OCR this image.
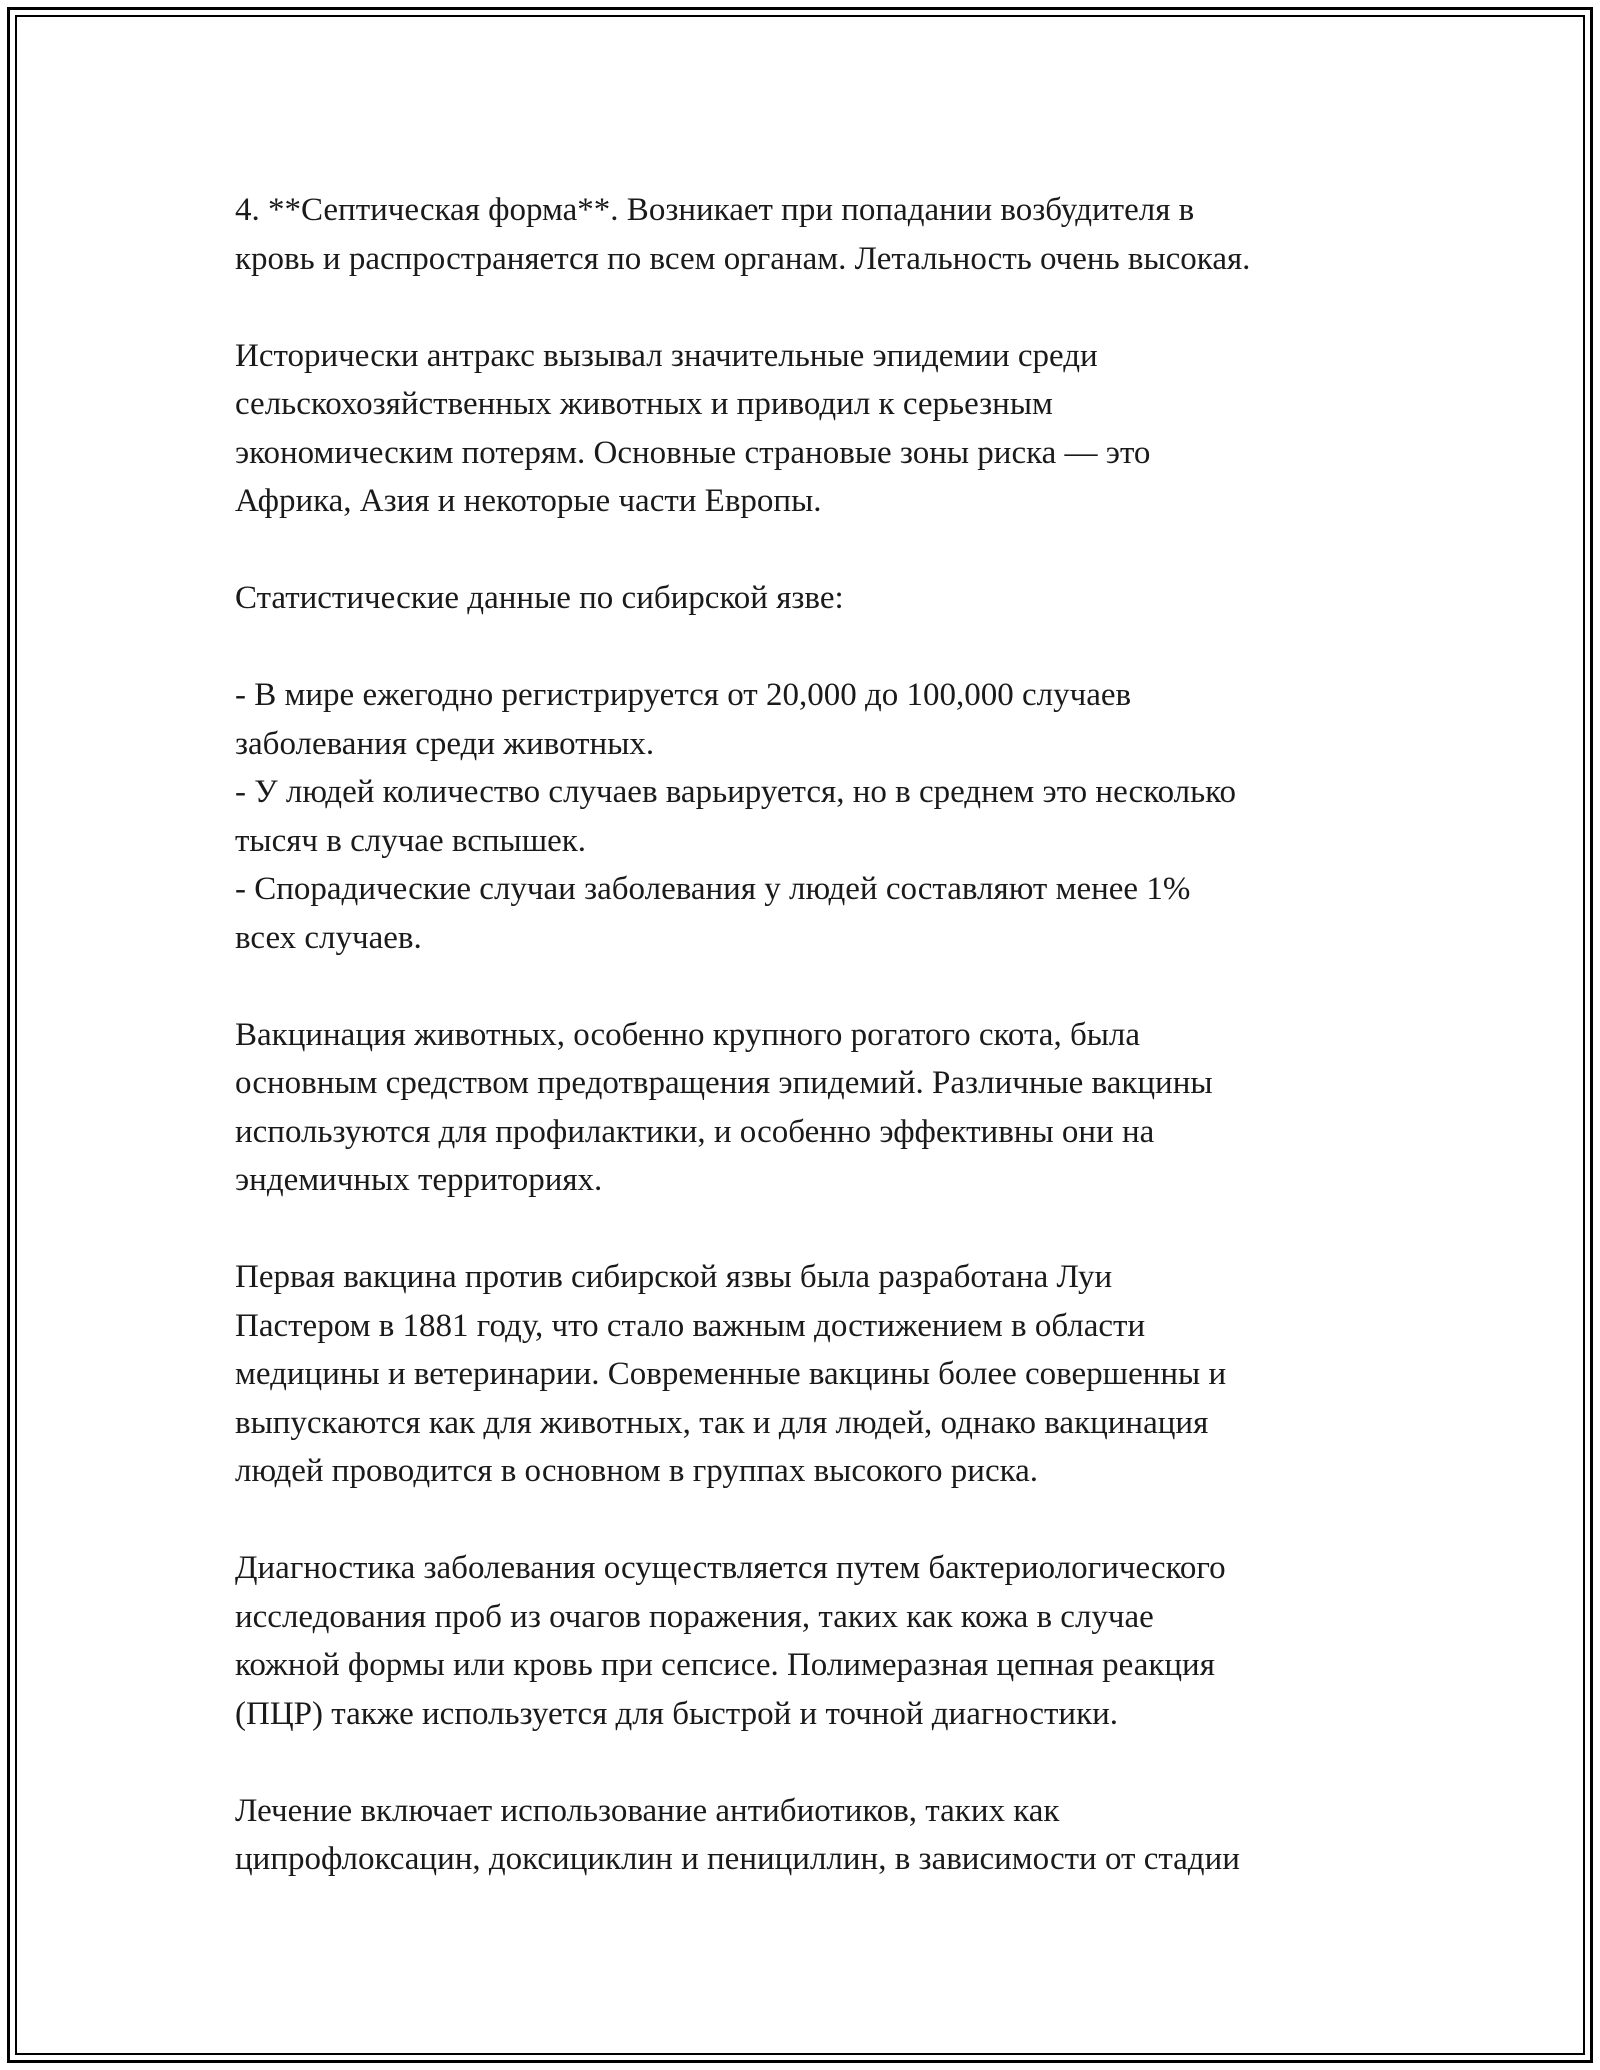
4. **Септическая форма**. Возникает при попадании возбудителя в
кровь и распространяется по всем органам. Летальность очень высокая.

Исторически антракс вызывал значительные эпидемии среди
сельскохозяйственных животных и приводил к серьезным
экономическим потерям. Основные страновые зоны риска — это
Африка, Азия и некоторые части Европы.

Статистические данные по сибирской язве:

- В мире ежегодно регистрируется от 20,000 до 100,000 случаев
заболевания среди животных.

- У людей количество случаев варьируется, но в среднем это несколько
тысяч в случае вспышек.

- Спорадические случаи заболевания у людей составляют менее 1%
всех случаев.

Вакцинация животных, особенно крупного рогатого скота, была
основным средством предотвращения эпидемий. Различные вакцины
используются для профилактики, и особенно эффективны они на
эндемичных территориях.

Первая вакцина против сибирской язвы была разработана Луи
Пастером в 1881 году, что стало важным достижением в области
медицины и ветеринарии. Современные вакцины более совершенны и
выпускаются как для животных, так и для людей, однако вакцинация
людей проводится в основном в группах высокого риска.

Диагностика заболевания осуществляется путем бактериологического
исследования проб из очагов поражения, таких как кожа в случае
кожной формы или кровь при сепсисе. Полимеразная цепная реакция
(ПЦР) также используется для быстрой и точной диагностики.

Лечение включает использование антибиотиков, таких как
ципрофлоксацин, доксициклин и пенициллин, в зависимости от стадии
